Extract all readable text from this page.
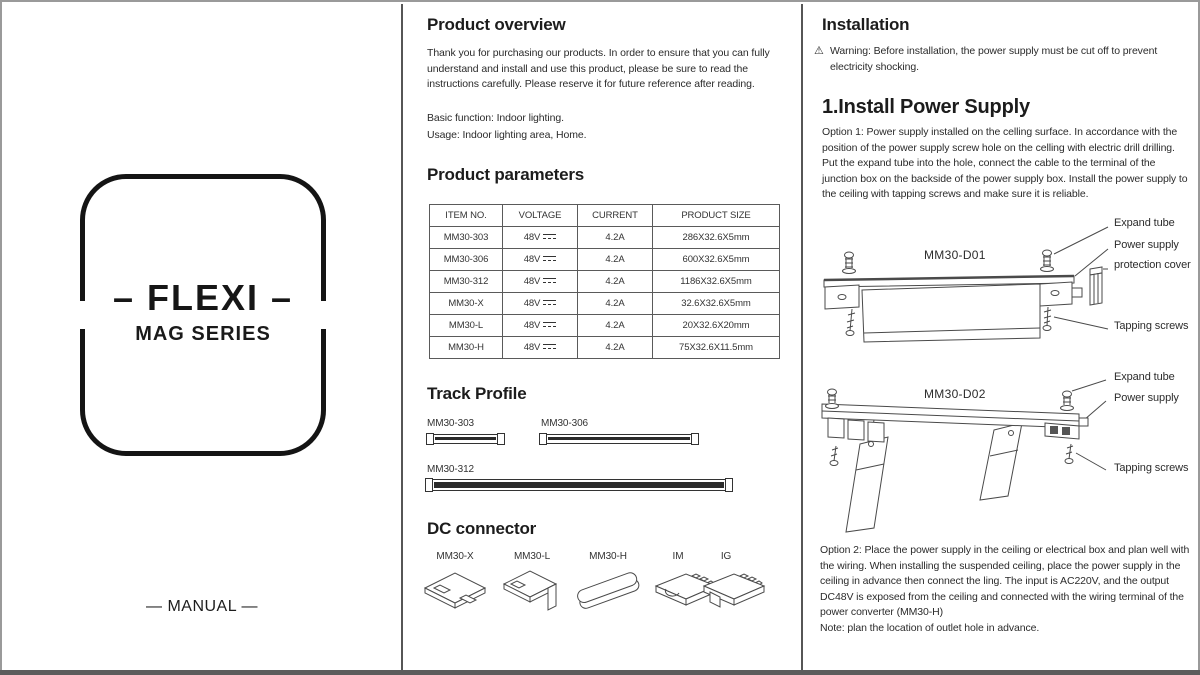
– FLEXI –
MAG SERIES
— MANUAL —
Product overview
Thank you for purchasing our products. In order to ensure that you can fully understand and install and use this product, please be sure to read the instructions carefully. Please reserve it for future reference after reading.
Basic function: Indoor lighting.
Usage: Indoor lighting area, Home.
Product parameters
ITEM NO.	VOLTAGE	CURRENT	PRODUCT SIZE
MM30-303	48V	4.2A	286X32.6X5mm
MM30-306	48V	4.2A	600X32.6X5mm
MM30-312	48V	4.2A	1186X32.6X5mm
MM30-X	48V	4.2A	32.6X32.6X5mm
MM30-L	48V	4.2A	20X32.6X20mm
MM30-H	48V	4.2A	75X32.6X11.5mm
Track Profile
MM30-303	MM30-306
MM30-312
DC connector
MM30-X	MM30-L	MM30-H	IM	IG
Installation
⚠ Warning: Before installation, the power supply must be cut off to prevent electricity shocking.
1.Install Power Supply
Option 1: Power supply installed on the celling surface. In accordance with the position of the power supply screw hole on the celling with electric drill drilling. Put the expand tube into the hole, connect the cable to the terminal of the junction box on the backside of the power supply box. Install the power supply to the ceiling with tapping screws and make sure it is reliable.
MM30-D01
Expand tube
Power supply
protection cover
Tapping screws
MM30-D02
Expand tube
Power supply
Tapping screws
Option 2: Place the power supply in the ceiling or electrical box and plan well with the wiring. When installing the suspended ceiling, place the power supply in the ceiling in advance then connect the ling. The input is AC220V, and the output DC48V is exposed from the ceiling and connected with the wiring terminal of the power converter (MM30-H)
Note: plan the location of outlet hole in advance.
